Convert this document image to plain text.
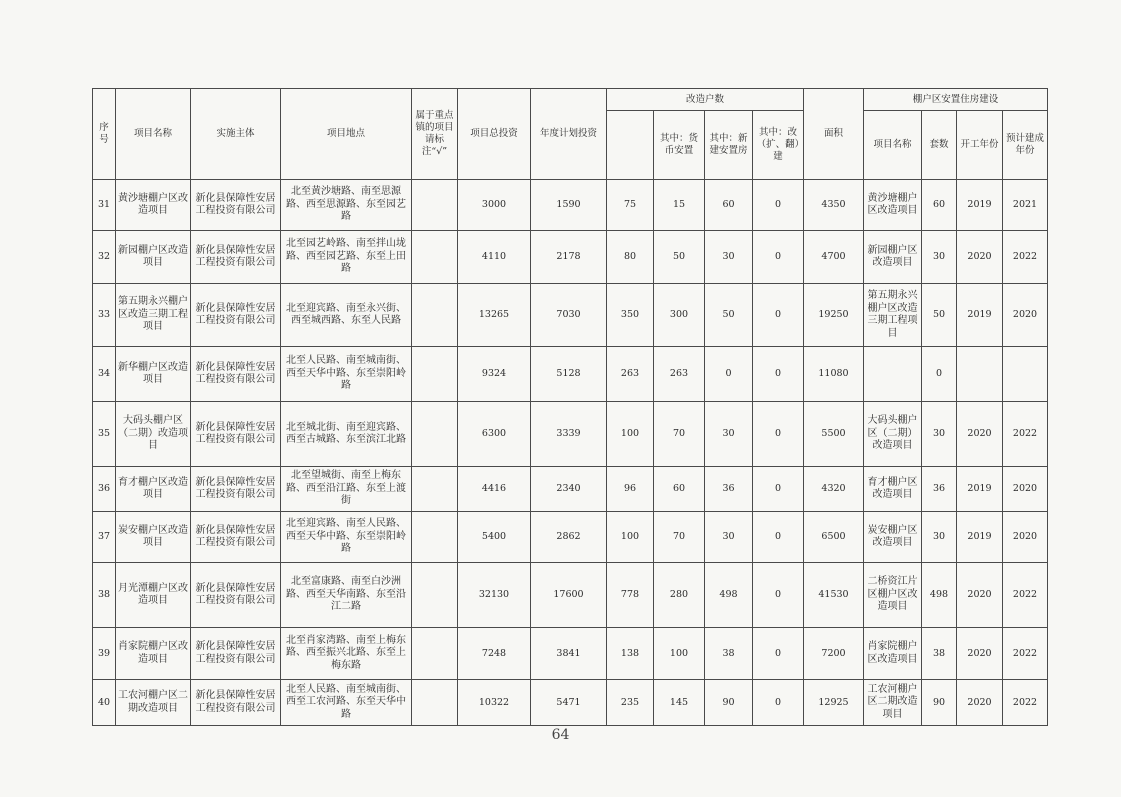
序号	项目名称	实施主体	项目地点	属于重点镇的项目请标注“√”	项目总投资	年度计划投资	改造户数				面积	棚户区安置住房建设			
								其中：货币安置	其中：新建安置房	其中：改（扩、翻）建		项目名称	套数	开工年份	预计建成年份
31	黄沙塘棚户区改造项目	新化县保障性安居工程投资有限公司	北至黄沙塘路、南至思源路、西至思源路、东至园艺路		3000	1590	75	15	60	0	4350	黄沙塘棚户区改造项目	60	2019	2021
32	新园棚户区改造项目	新化县保障性安居工程投资有限公司	北至园艺岭路、南至拌山垅路、西至园艺路、东至上田路		4110	2178	80	50	30	0	4700	新园棚户区改造项目	30	2020	2022
33	第五期永兴棚户区改造三期工程项目	新化县保障性安居工程投资有限公司	北至迎宾路、南至永兴街、西至城西路、东至人民路		13265	7030	350	300	50	0	19250	第五期永兴棚户区改造三期工程项目	50	2019	2020
34	新华棚户区改造项目	新化县保障性安居工程投资有限公司	北至人民路、南至城南街、西至天华中路、东至崇阳岭路		9324	5128	263	263	0	0	11080		0		
35	大码头棚户区（二期）改造项目	新化县保障性安居工程投资有限公司	北至城北街、南至迎宾路、西至古城路、东至滨江北路		6300	3339	100	70	30	0	5500	大码头棚户区（二期）改造项目	30	2020	2022
36	育才棚户区改造项目	新化县保障性安居工程投资有限公司	北至望城街、南至上梅东路、西至沿江路、东至上渡街		4416	2340	96	60	36	0	4320	育才棚户区改造项目	36	2019	2020
37	炭安棚户区改造项目	新化县保障性安居工程投资有限公司	北至迎宾路、南至人民路、西至天华中路、东至崇阳岭路		5400	2862	100	70	30	0	6500	炭安棚户区改造项目	30	2019	2020
38	月光潭棚户区改造项目	新化县保障性安居工程投资有限公司	北至富康路、南至白沙洲路、西至天华南路、东至沿江二路		32130	17600	778	280	498	0	41530	二桥资江片区棚户区改造项目	498	2020	2022
39	肖家院棚户区改造项目	新化县保障性安居工程投资有限公司	北至肖家湾路、南至上梅东路、西至振兴北路、东至上梅东路		7248	3841	138	100	38	0	7200	肖家院棚户区改造项目	38	2020	2022
40	工农河棚户区二期改造项目	新化县保障性安居工程投资有限公司	北至人民路、南至城南街、西至工农河路、东至天华中路		10322	5471	235	145	90	0	12925	工农河棚户区二期改造项目	90	2020	2022
64
